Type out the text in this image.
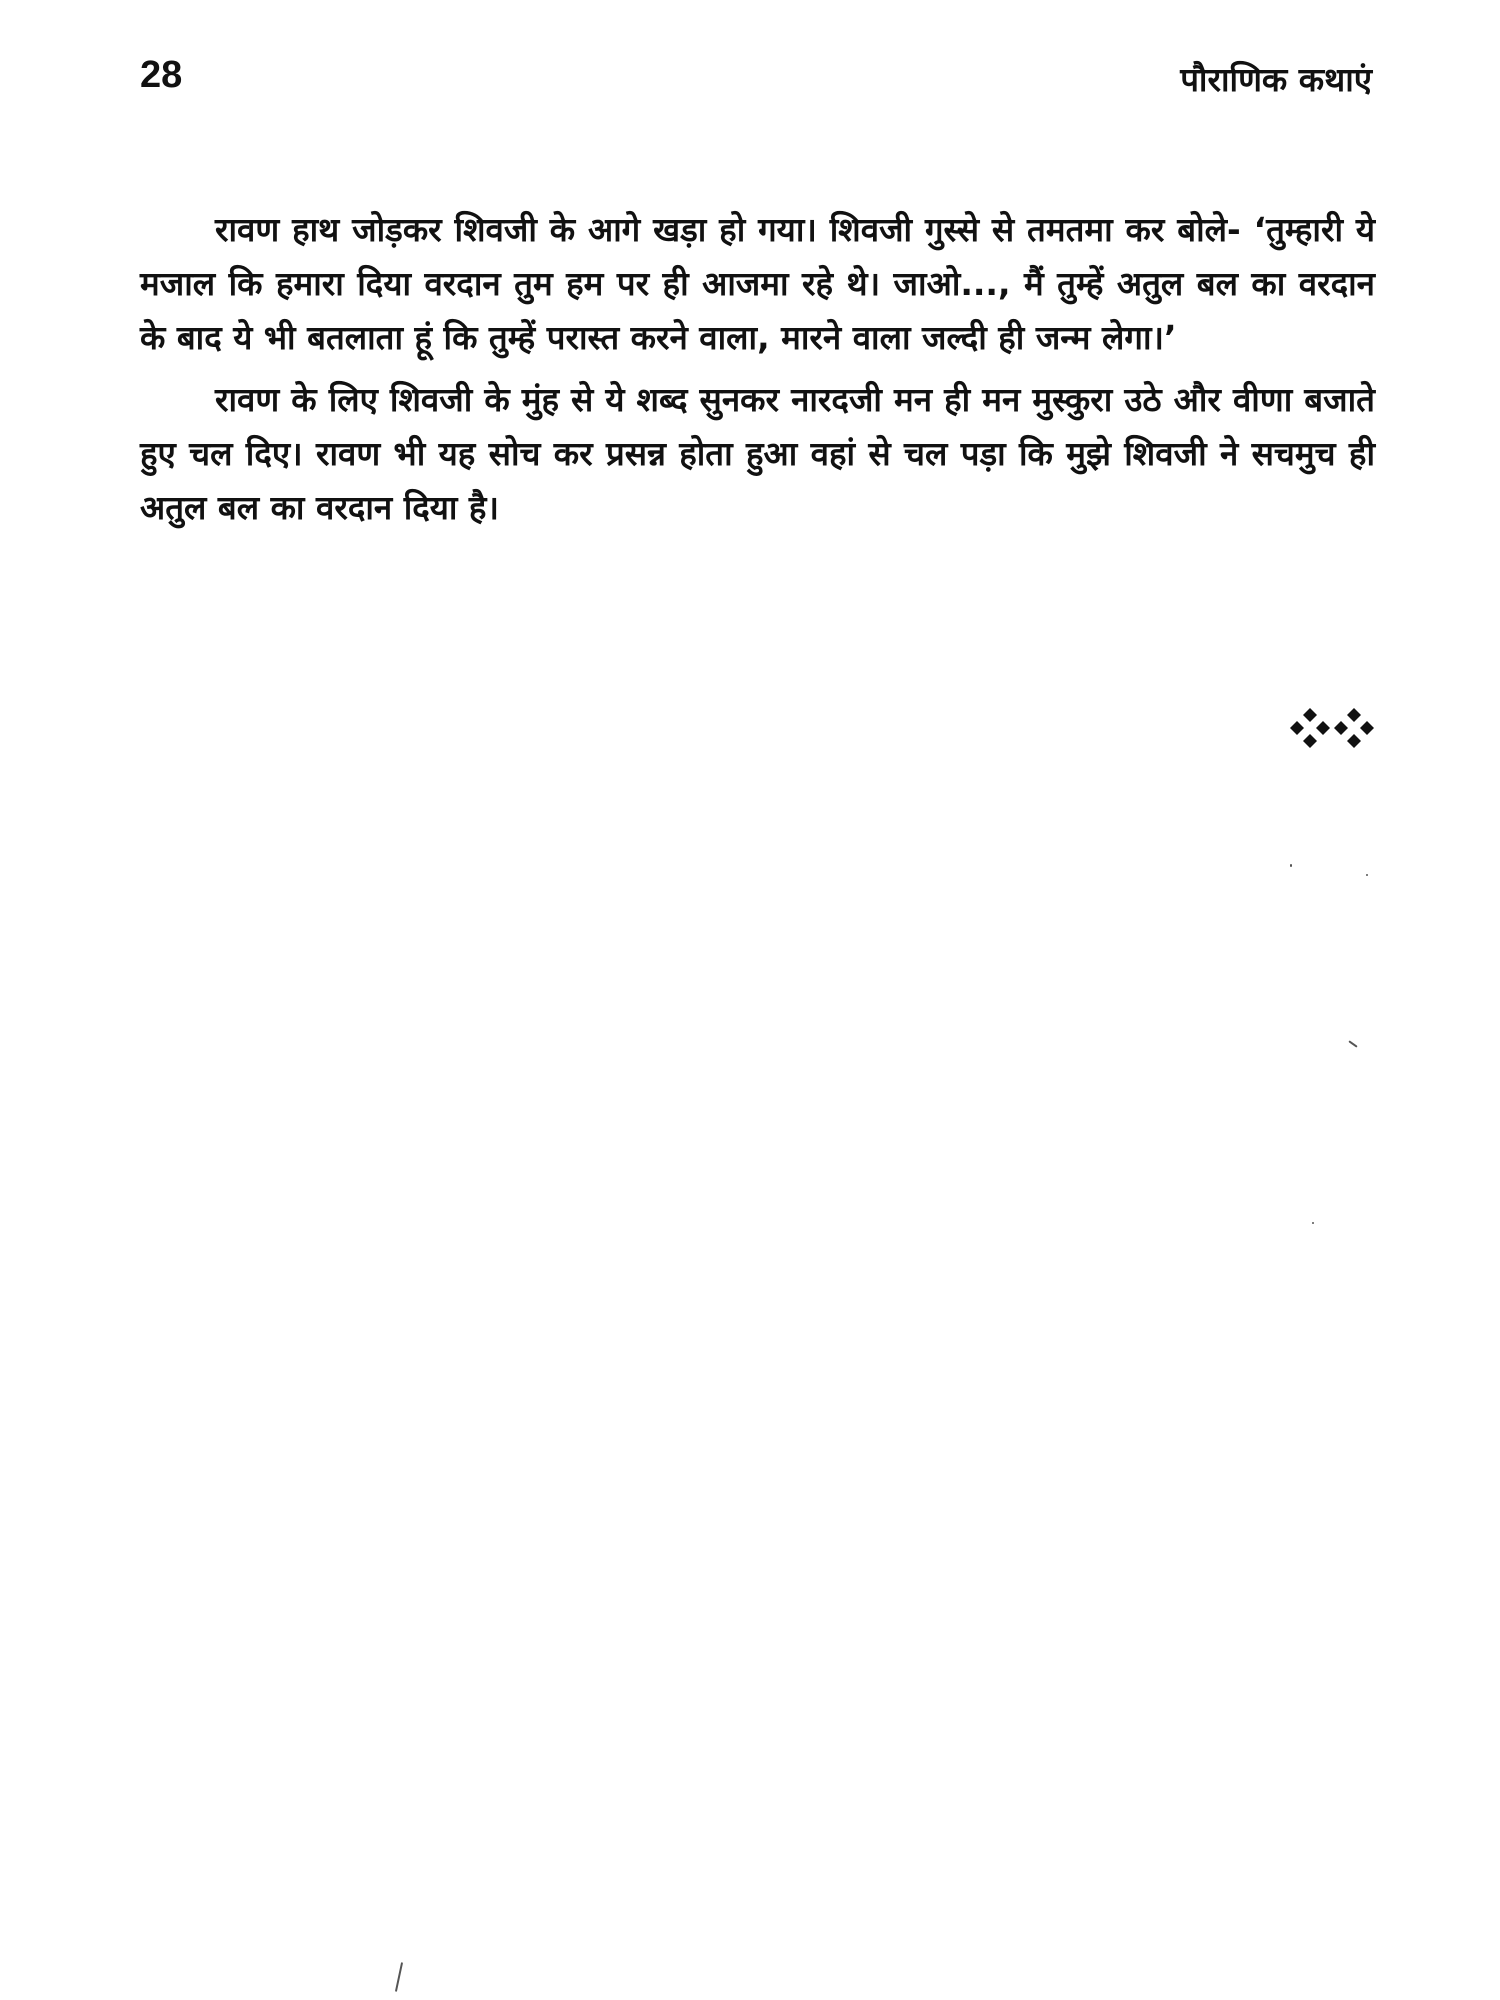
28	पौराणिक कथाएं

रावण हाथ जोड़कर शिवजी के आगे खड़ा हो गया। शिवजी गुस्से से तमतमा कर बोले- ‘तुम्हारी ये मजाल कि हमारा दिया वरदान तुम हम पर ही आजमा रहे थे। जाओ..., मैं तुम्हें अतुल बल का वरदान के बाद ये भी बतलाता हूं कि तुम्हें परास्त करने वाला, मारने वाला जल्दी ही जन्म लेगा।’

रावण के लिए शिवजी के मुंह से ये शब्द सुनकर नारदजी मन ही मन मुस्कुरा उठे और वीणा बजाते हुए चल दिए। रावण भी यह सोच कर प्रसन्न होता हुआ वहां से चल पड़ा कि मुझे शिवजी ने सचमुच ही अतुल बल का वरदान दिया है।
